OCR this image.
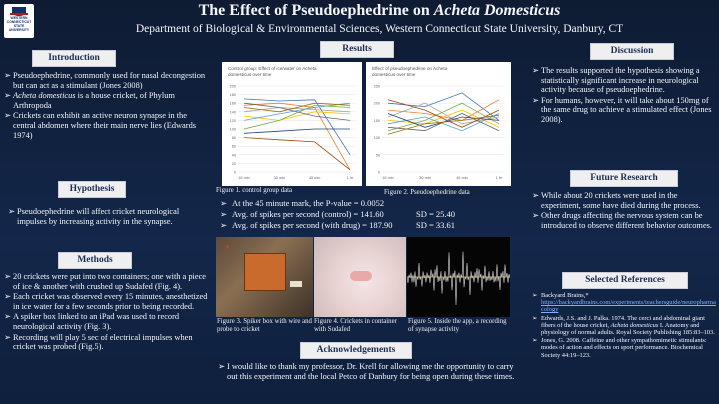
WESTERN
CONNECTICUT
STATE
UNIVERSITY
The Effect of Pseudoephedrine on Acheta Domesticus
Department of Biological & Environmental Sciences, Western Connecticut State University, Danbury, CT
Introduction

➢ Pseudoephedrine, commonly used for nasal decongestion but can act as a stimulant (Jones 2008)

➢ Acheta domesticus is a house cricket, of Phylum Arthropoda

➢ Crickets can exhibit an active neuron synapse in the central abdomen where their main nerve lies (Edwards 1974)

Hypothesis

➢ Pseudoephedrine will affect cricket neurological impulses by increasing activity in the synapse.

Methods

➢ 20 crickets were put into two containers; one with a piece of ice & another with crushed up Sudafed (Fig. 4).

➢ Each cricket was observed every 15 minutes, anesthetized in ice water for a few seconds prior to being recorded.

➢ A spiker box linked to an iPad was used to record neurological activity (Fig. 3).

➢ Recording will play 5 sec of electrical impulses when cricket was probed (Fig.5).

Results
Control group: Effect of ice/water on Acheta
domesticus over time
200
180
160
140
120
100
80
60
40
20
0
15 min	30 min	45 min	1 hr
Effect of pseudoephedrine on Acheta
domesticus over time
250
200
150
100
50
0
15 min	30 min	45 min	1 hr
Figure 1. control group data	Figure 2. Pseudoephedrine data
➢ At the 45 minute mark, the P-value = 0.0052
➢ Avg. of spikes per second (control) = 141.60	SD = 25.40
➢ Avg. of spikes per second (with drug) = 187.90	SD = 33.61
Figure 3. Spiker box with wire and probe to cricket
Figure 4. Crickets in container with Sudafed
Figure 5. Inside the app, a recording of synapse activity
Acknowledgements

➢ I would like to thank my professor, Dr. Krell for allowing me the opportunity to carry out this experiment and the local Petco of Danbury for being open during these times.

Discussion

➢ The results supported the hypothesis showing a statistically significant increase in neurological activity because of pseudoephedrine.

➢ For humans, however, it will take about 150mg of the same drug to achieve a stimulated effect (Jones 2008).

Future Research

➢ While about 20 crickets were used in the experiment, some have died during the process.

➢ Other drugs affecting the nervous system can be introduced to observe different behavior outcomes.

Selected References

➢ Backyard Brains,*
https://backyardbrains.com/experiments/teachersguide/neuropharmacology

➢ Edwards, J.S. and J. Palka. 1974. The cerci and abdominal giant fibers of the house cricket, Acheta domesticus I. Anatomy and physiology of normal adults. Royal Society Publishing 185:83–103.

➢ Jones, G. 2008. Caffeine and other sympathomimetic stimulants: modes of action and effects on sport performance. Biochemical Society 44:19–123.
